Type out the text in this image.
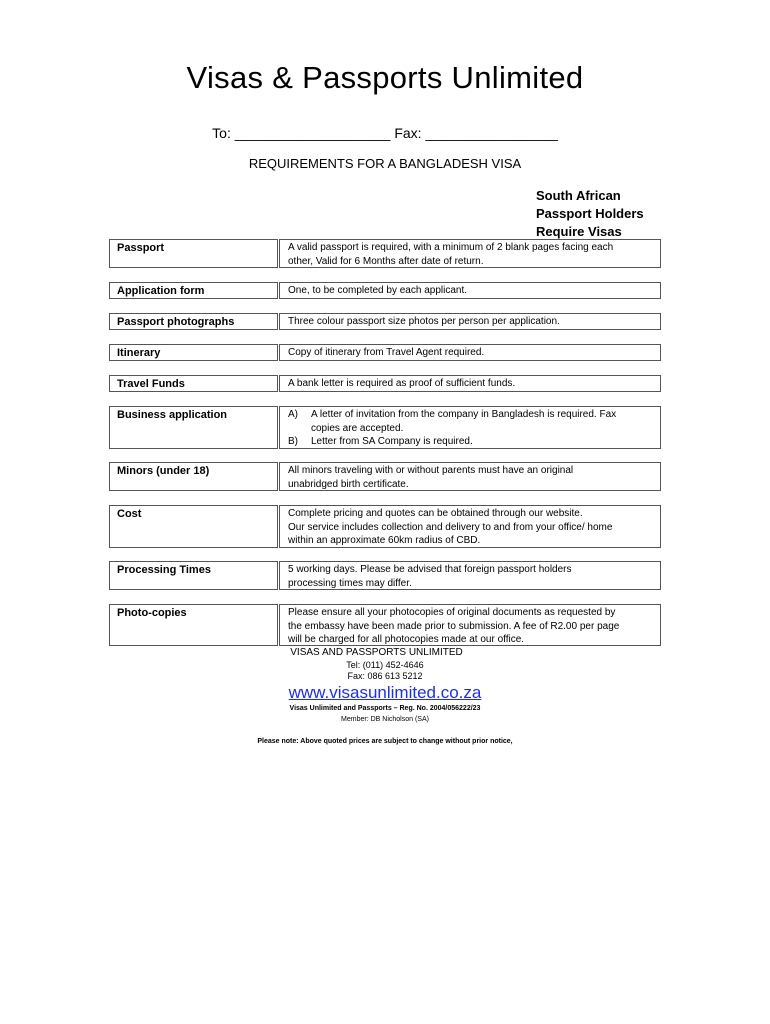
Visas & Passports Unlimited
To: ____________________ Fax: _________________
REQUIREMENTS FOR A BANGLADESH VISA
South African
Passport Holders
Require Visas
Passport	A valid passport is required, with a minimum of 2 blank pages facing each
other, Valid for 6 Months after date of return.
Application form	One, to be completed by each applicant.
Passport photographs	Three colour passport size photos per person per application.
Itinerary	Copy of itinerary from Travel Agent required.
Travel Funds	A bank letter is required as proof of sufficient funds.
Business application	A)	A letter of invitation from the company in Bangladesh is required. Fax
copies are accepted.
B)	Letter from SA Company is required.
Minors (under 18)	All minors traveling with or without parents must have an original
unabridged birth certificate.
Cost	Complete pricing and quotes can be obtained through our website.
Our service includes collection and delivery to and from your office/ home
within an approximate 60km radius of CBD.
Processing Times	5 working days. Please be advised that foreign passport holders
processing times may differ.
Photo-copies	Please ensure all your photocopies of original documents as requested by
the embassy have been made prior to submission. A fee of R2.00 per page
will be charged for all photocopies made at our office.
VISAS AND PASSPORTS UNLIMITED
Tel: (011) 452-4646
Fax: 086 613 5212
www.visasunlimited.co.za
Visas Unlimited and Passports – Reg. No. 2004/056222/23
Member: DB Nicholson (SA)
Please note: Above quoted prices are subject to change without prior notice,
